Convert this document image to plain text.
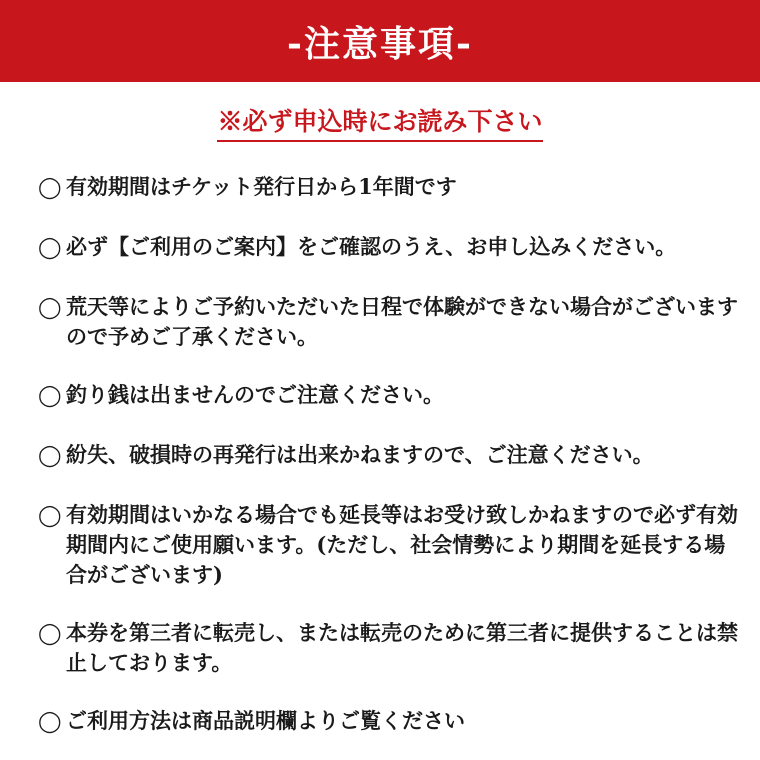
-注意事項-
※必ず申込時にお読み下さい
◯ 有効期間はチケット発行日から1年間です
◯ 必ず【ご利用のご案内】をご確認のうえ、お申し込みください。
◯ 荒天等によりご予約いただいた日程で体験ができない場合がございますので予めご了承ください。
◯ 釣り銭は出ませんのでご注意ください。
◯ 紛失、破損時の再発行は出来かねますので、ご注意ください。
◯ 有効期間はいかなる場合でも延長等はお受け致しかねますので必ず有効期間内にご使用願います。(ただし、社会情勢により期間を延長する場合がございます)
◯ 本券を第三者に転売し、または転売のために第三者に提供することは禁止しております。
◯ ご利用方法は商品説明欄よりご覧ください
